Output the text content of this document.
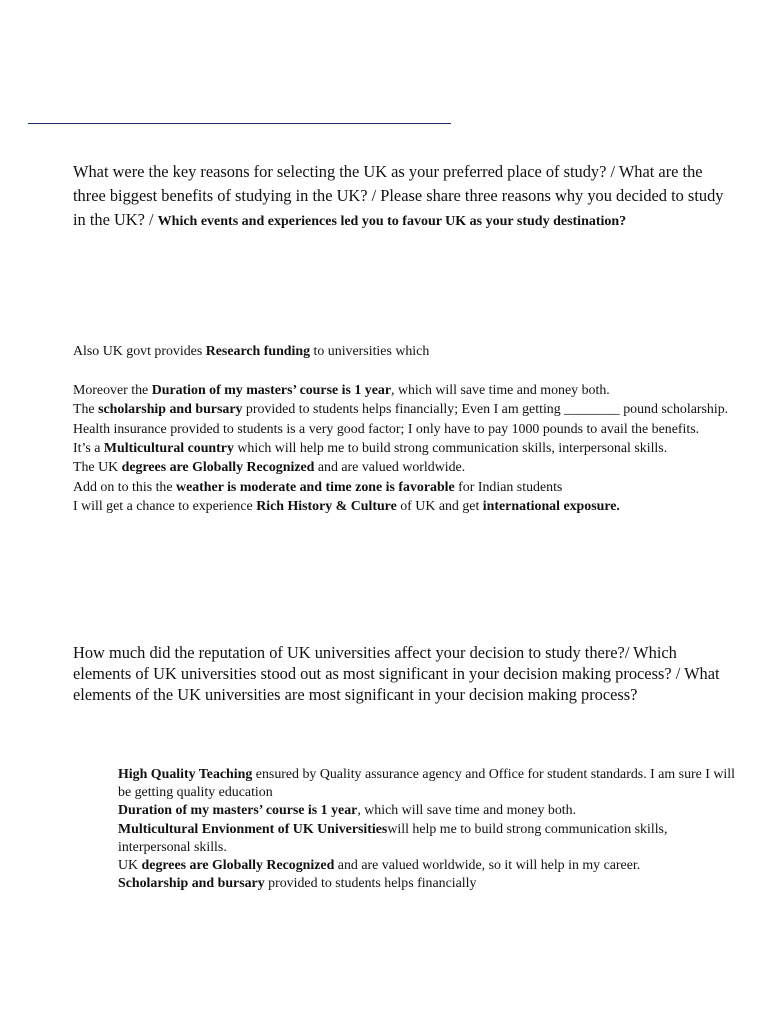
What were the key reasons for selecting the UK as your preferred place of study? / What are the three biggest benefits of studying in the UK? / Please share three reasons why you decided to study in the UK? / Which events and experiences led you to favour UK as your study destination?

Also UK govt provides Research funding to universities which

Moreover the Duration of my masters’ course is 1 year, which will save time and money both.

The scholarship and bursary provided to students helps financially; Even I am getting ________ pound scholarship.

Health insurance provided to students is a very good factor; I only have to pay 1000 pounds to avail the benefits.

It’s a Multicultural country which will help me to build strong communication skills, interpersonal skills.

The UK degrees are Globally Recognized and are valued worldwide.

Add on to this the weather is moderate and time zone is favorable for Indian students

I will get a chance to experience Rich History & Culture of UK and get international exposure.

How much did the reputation of UK universities affect your decision to study there?/ Which elements of UK universities stood out as most significant in your decision making process? / What elements of the UK universities are most significant in your decision making process?

High Quality Teaching ensured by Quality assurance agency and Office for student standards. I am sure I will be getting quality education

Duration of my masters’ course is 1 year, which will save time and money both.

Multicultural Envionment of UK Universitieswill help me to build strong communication skills, interpersonal skills.

UK degrees are Globally Recognized and are valued worldwide, so it will help in my career.

Scholarship and bursary provided to students helps financially
